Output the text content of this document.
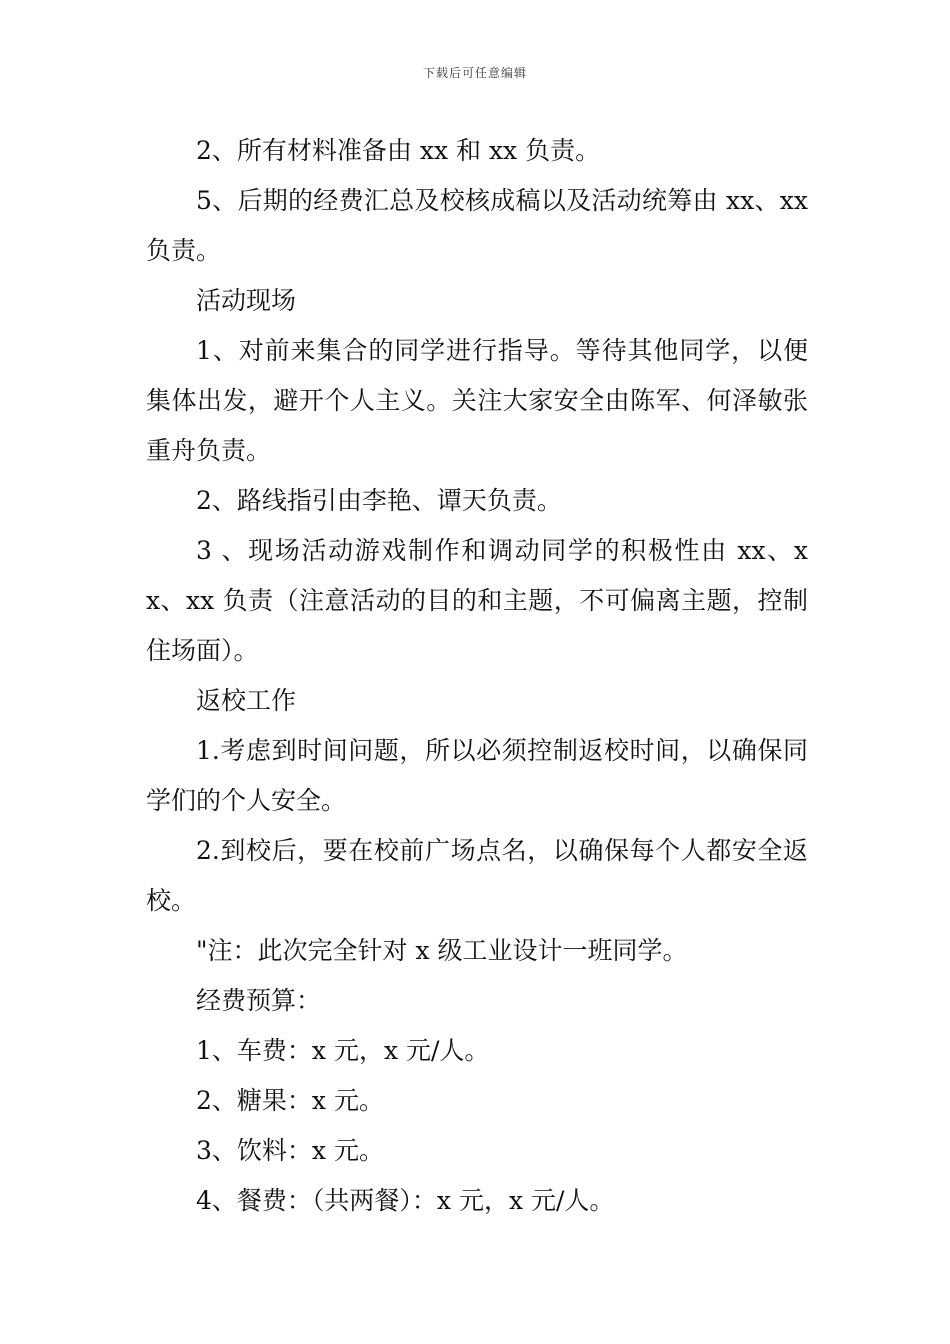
下载后可任意编辑

2、所有材料准备由 xx 和 xx 负责。

5、后期的经费汇总及校核成稿以及活动统筹由 xx、xx 负责。

活动现场

1、对前来集合的同学进行指导。等待其他同学，以便集体出发，避开个人主义。关注大家安全由陈军、何泽敏张重舟负责。

2、路线指引由李艳、谭天负责。

3 、现场活动游戏制作和调动同学的积极性由 xx、xx、xx 负责（注意活动的目的和主题，不可偏离主题，控制住场面）。

返校工作

1.考虑到时间问题，所以必须控制返校时间，以确保同学们的个人安全。

2.到校后，要在校前广场点名，以确保每个人都安全返校。

"注：此次完全针对 x 级工业设计一班同学。

经费预算：

1、车费：x 元，x 元/人。

2、糖果：x 元。

3、饮料：x 元。

4、餐费：（共两餐）：x 元，x 元/人。
